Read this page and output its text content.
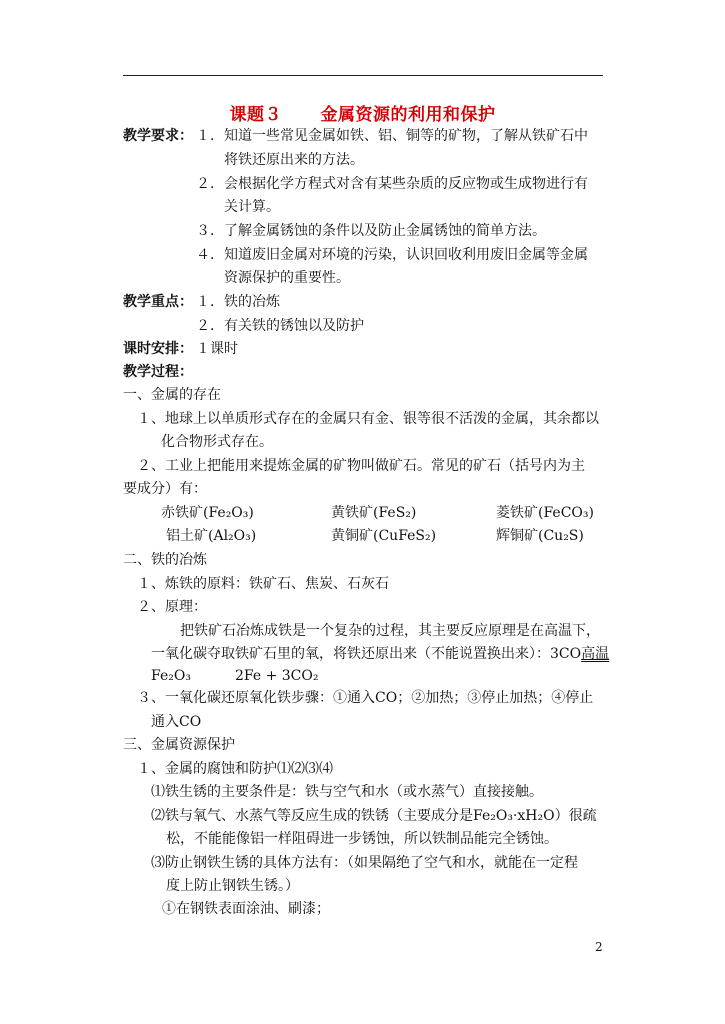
课题３ 金属资源的利用和保护
教学要求： １．知道一些常见金属如铁、铝、铜等的矿物，了解从铁矿石中
将铁还原出来的方法。
２．会根据化学方程式对含有某些杂质的反应物或生成物进行有
关计算。
３．了解金属锈蚀的条件以及防止金属锈蚀的简单方法。
４．知道废旧金属对环境的污染，认识回收利用废旧金属等金属
资源保护的重要性。
教学重点： １．铁的冶炼
２．有关铁的锈蚀以及防护
课时安排： １课时
教学过程：
一、金属的存在
１、地球上以单质形式存在的金属只有金、银等很不活泼的金属，其余都以
化合物形式存在。
２、工业上把能用来提炼金属的矿物叫做矿石。常见的矿石（括号内为主
要成分）有：
赤铁矿(Fe₂O₃)	黄铁矿(FeS₂)	菱铁矿(FeCO₃)
铝土矿(Al₂O₃)	黄铜矿(CuFeS₂)	辉铜矿(Cu₂S)
二、铁的冶炼
１、炼铁的原料：铁矿石、焦炭、石灰石
２、原理：
把铁矿石冶炼成铁是一个复杂的过程，其主要反应原理是在高温下，
一氧化碳夺取铁矿石里的氧，将铁还原出来（不能说置换出来）：3CO高温
Fe₂O₃	2Fe + 3CO₂
３、一氧化碳还原氧化铁步骤：①通入CO；②加热；③停止加热；④停止
通入CO
三、金属资源保护
１、金属的腐蚀和防护⑴⑵⑶⑷
⑴铁生锈的主要条件是：铁与空气和水（或水蒸气）直接接触。
⑵铁与氧气、水蒸气等反应生成的铁锈（主要成分是Fe₂O₃·xH₂O）很疏
松，不能能像铝一样阻碍进一步锈蚀，所以铁制品能完全锈蚀。
⑶防止钢铁生锈的具体方法有：（如果隔绝了空气和水，就能在一定程
度上防止钢铁生锈。）
①在钢铁表面涂油、刷漆；
2
